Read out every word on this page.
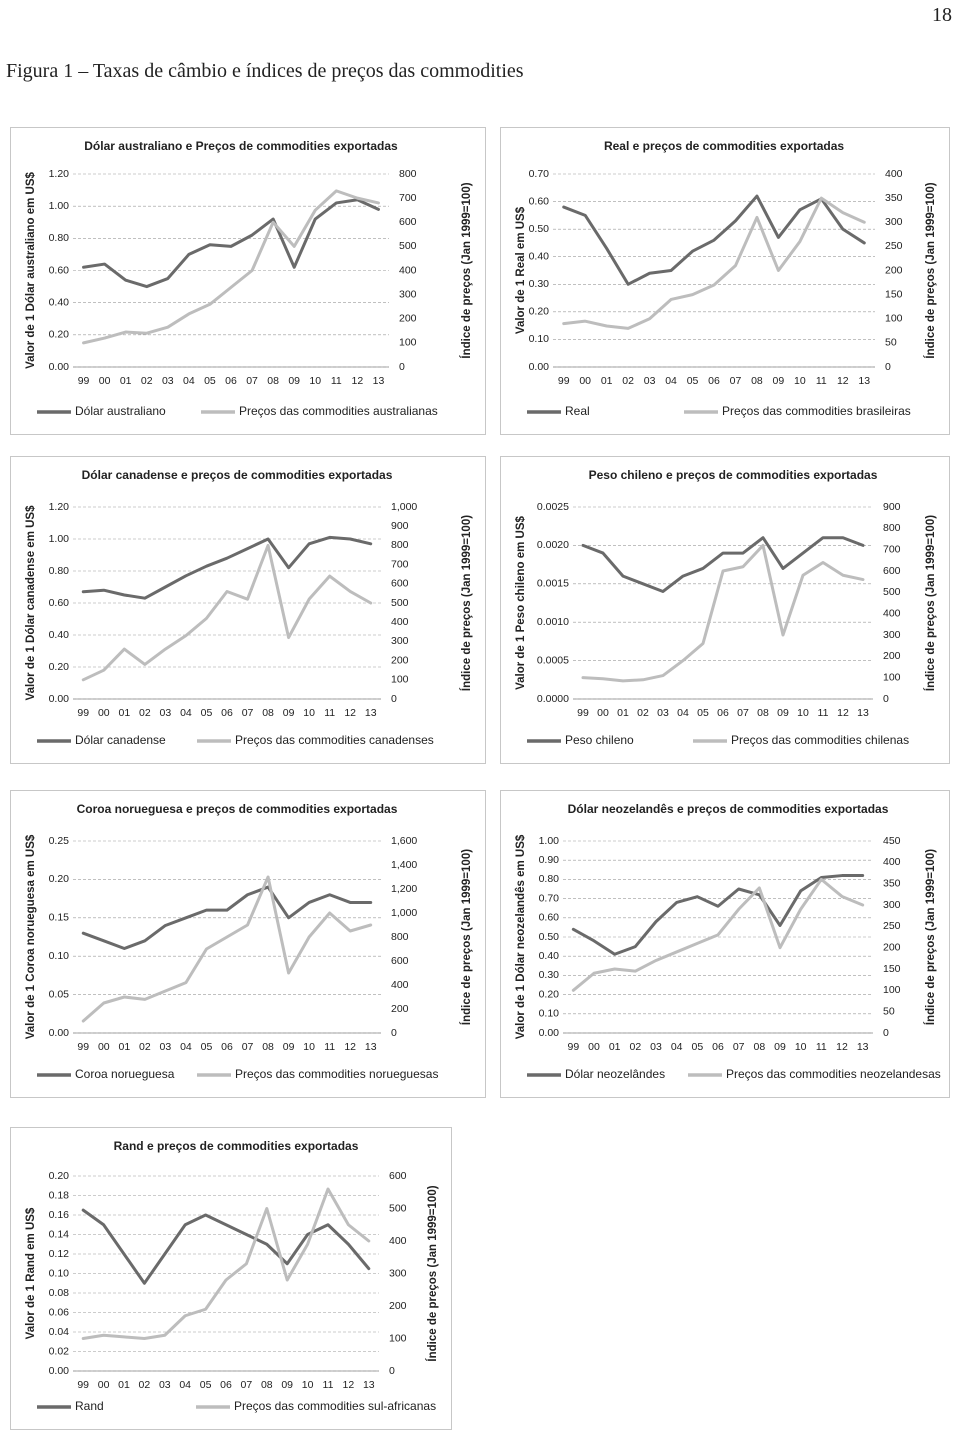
18
Figura 1 – Taxas de câmbio e índices de preços das commodities
Dólar australiano e Preços de commodities exportadas
0.00
0.20
0.40
0.60
0.80
1.00
1.20
0
100
200
300
400
500
600
700
800
99 00 01 02 03 04 05 06 07 08 09 10 11 12 13
Valor de 1 Dólar australiano em US$	Índice de preços (Jan 1999=100)
Dólar australiano	Preços das commodities australianas
Real e preços de commodities exportadas
0.00
0.10
0.20
0.30
0.40
0.50
0.60
0.70
0
50
100
150
200
250
300
350
400
99 00 01 02 03 04 05 06 07 08 09 10 11 12 13
Valor de 1 Real em US$	Índice de preços (Jan 1999=100)
Real	Preços das commodities brasileiras
Dólar canadense e preços de commodities exportadas
0.00
0.20
0.40
0.60
0.80
1.00
1.20
0
100
200
300
400
500
600
700
800
900
1,000
99 00 01 02 03 04 05 06 07 08 09 10 11 12 13
Valor de 1 Dólar canadense em US$	Índice de preços (Jan 1999=100)
Dólar canadense	Preços das commodities canadenses
Peso chileno e preços de commodities exportadas
0.0000
0.0005
0.0010
0.0015
0.0020
0.0025
0
100
200
300
400
500
600
700
800
900
99 00 01 02 03 04 05 06 07 08 09 10 11 12 13
Valor de 1 Peso chileno em US$	Índice de preços (Jan 1999=100)
Peso chileno	Preços das commodities chilenas
Coroa norueguesa e preços de commodities exportadas
0.00
0.05
0.10
0.15
0.20
0.25
0
200
400
600
800
1,000
1,200
1,400
1,600
99 00 01 02 03 04 05 06 07 08 09 10 11 12 13
Valor de 1 Coroa norueguesa em US$	Índice de preços (Jan 1999=100)
Coroa norueguesa	Preços das commodities norueguesas
Dólar neozelandês e preços de commodities exportadas
0.00
0.10
0.20
0.30
0.40
0.50
0.60
0.70
0.80
0.90
1.00
0
50
100
150
200
250
300
350
400
450
99 00 01 02 03 04 05 06 07 08 09 10 11 12 13
Valor de 1 Dólar neozelandês em US$	Índice de preços (Jan 1999=100)
Dólar neozelândes	Preços das commodities neozelandesas
Rand e preços de commodities exportadas
0.00
0.02
0.04
0.06
0.08
0.10
0.12
0.14
0.16
0.18
0.20
0
100
200
300
400
500
600
99 00 01 02 03 04 05 06 07 08 09 10 11 12 13
Valor de 1 Rand em US$	Índice de preços (Jan 1999=100)
Rand	Preços das commodities sul-africanas
